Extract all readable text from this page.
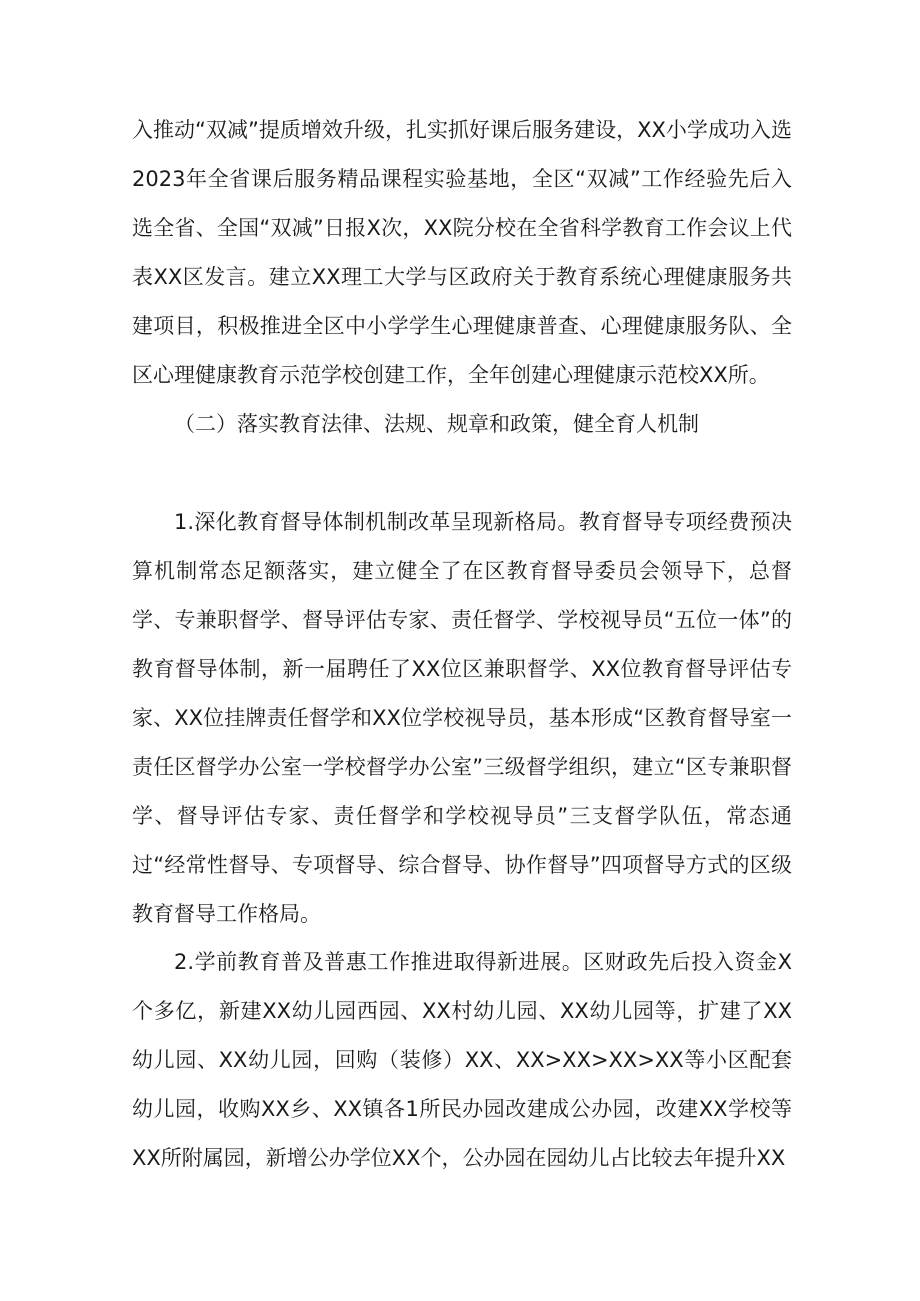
入推动“双减”提质增效升级，扎实抓好课后服务建设，XX小学成功入选2023年全省课后服务精品课程实验基地，全区“双减”工作经验先后入选全省、全国“双减”日报X次，XX院分校在全省科学教育工作会议上代表XX区发言。建立XX理工大学与区政府关于教育系统心理健康服务共建项目，积极推进全区中小学学生心理健康普查、心理健康服务队、全区心理健康教育示范学校创建工作，全年创建心理健康示范校XX所。

（二）落实教育法律、法规、规章和政策，健全育人机制

1.深化教育督导体制机制改革呈现新格局。教育督导专项经费预决算机制常态足额落实，建立健全了在区教育督导委员会领导下，总督学、专兼职督学、督导评估专家、责任督学、学校视导员“五位一体”的教育督导体制，新一届聘任了XX位区兼职督学、XX位教育督导评估专家、XX位挂牌责任督学和XX位学校视导员，基本形成“区教育督导室一责任区督学办公室一学校督学办公室”三级督学组织，建立“区专兼职督学、督导评估专家、责任督学和学校视导员”三支督学队伍，常态通过“经常性督导、专项督导、综合督导、协作督导”四项督导方式的区级教育督导工作格局。

2.学前教育普及普惠工作推进取得新进展。区财政先后投入资金X个多亿，新建XX幼儿园西园、XX村幼儿园、XX幼儿园等，扩建了XX幼儿园、XX幼儿园，回购（装修）XX、XX>XX>XX>XX等小区配套幼儿园，收购XX乡、XX镇各1所民办园改建成公办园，改建XX学校等XX所附属园，新增公办学位XX个，公办园在园幼儿占比较去年提升XX
